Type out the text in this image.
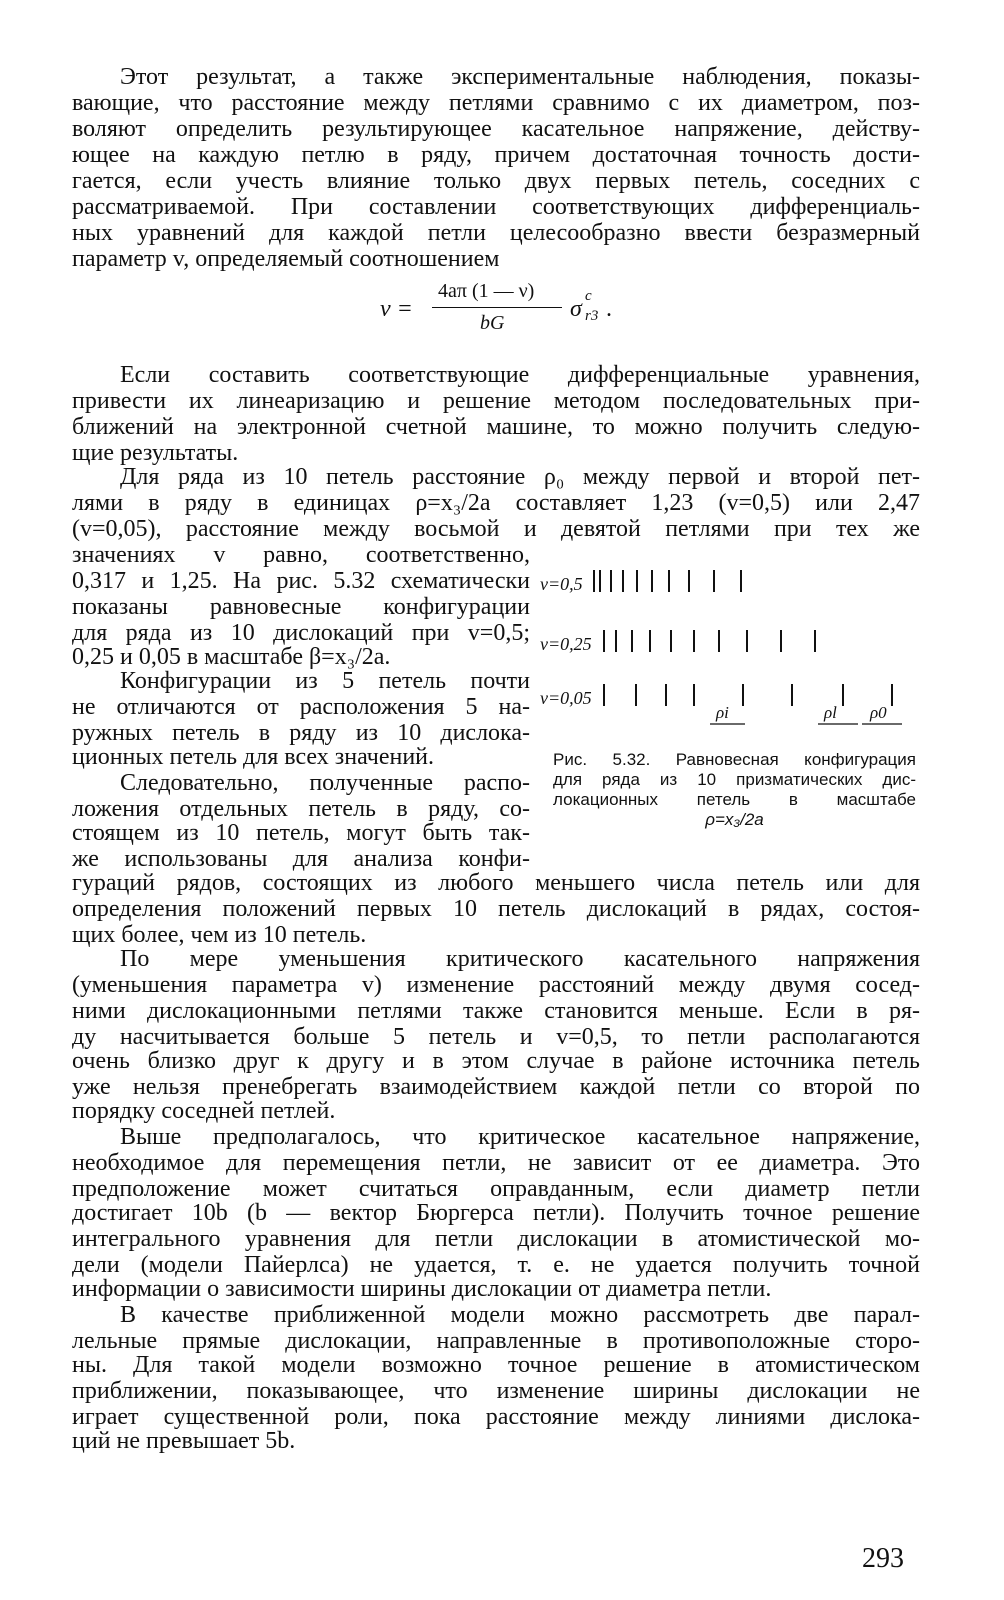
Этот результат, а также экспериментальные наблюдения, показы-
вающие, что расстояние между петлями сравнимо с их диаметром, поз-
воляют определить результирующее касательное напряжение, действу-
ющее на каждую петлю в ряду, причем достаточная точность дости-
гается, если учесть влияние только двух первых петель, соседних с
рассматриваемой. При составлении соответствующих дифференциаль-
ных уравнений для каждой петли целесообразно ввести безразмерный
параметр v, определяемый соотношением
v =
4aπ (1 — ν)
bG
σ c
r3 .
Если составить соответствующие дифференциальные уравнения,
привести их линеаризацию и решение методом последовательных при-
ближений на электронной счетной машине, то можно получить следую-
щие результаты.
Для ряда из 10 петель расстояние ρ₀ между первой и второй пет-
лями в ряду в единицах ρ=x₃/2a составляет 1,23 (v=0,5) или 2,47
(v=0,05), расстояние между восьмой и девятой петлями при тех же
значениях v равно, соответственно,
0,317 и 1,25. На рис. 5.32 схематически
показаны равновесные конфигурации
для ряда из 10 дислокаций при v=0,5;
0,25 и 0,05 в масштабе β=x₃/2a.
Конфигурации из 5 петель почти
не отличаются от расположения 5 на-
ружных петель в ряду из 10 дислока-
ционных петель для всех значений.
Следовательно, полученные распо-
ложения отдельных петель в ряду, со-
стоящем из 10 петель, могут быть так-
же использованы для анализа конфи-
гураций рядов, состоящих из любого меньшего числа петель или для
определения положений первых 10 петель дислокаций в рядах, состоя-
щих более, чем из 10 петель.
По мере уменьшения критического касательного напряжения
(уменьшения параметра v) изменение расстояний между двумя сосед-
ними дислокационными петлями также становится меньше. Если в ря-
ду насчитывается больше 5 петель и v=0,5, то петли располагаются
очень близко друг к другу и в этом случае в районе источника петель
уже нельзя пренебрегать взаимодействием каждой петли со второй по
порядку соседней петлей.
Выше предполагалось, что критическое касательное напряжение,
необходимое для перемещения петли, не зависит от ее диаметра. Это
предположение может считаться оправданным, если диаметр петли
достигает 10b (b — вектор Бюргерса петли). Получить точное решение
интегрального уравнения для петли дислокации в атомистической мо-
дели (модели Пайерлса) не удается, т. е. не удается получить точной
информации о зависимости ширины дислокации от диаметра петли.
В качестве приближенной модели можно рассмотреть две парал-
лельные прямые дислокации, направленные в противоположные сторо-
ны. Для такой модели возможно точное решение в атомистическом
приближении, показывающее, что изменение ширины дислокации не
играет существенной роли, пока расстояние между линиями дислока-
ций не превышает 5b.
ν=0,5
ν=0,25
ν=0,05
ρi	ρl ρ0
Рис. 5.32. Равновесная конфигурация
для ряда из 10 призматических дис-
локационных петель в масштабе
ρ=x₃/2a
293
